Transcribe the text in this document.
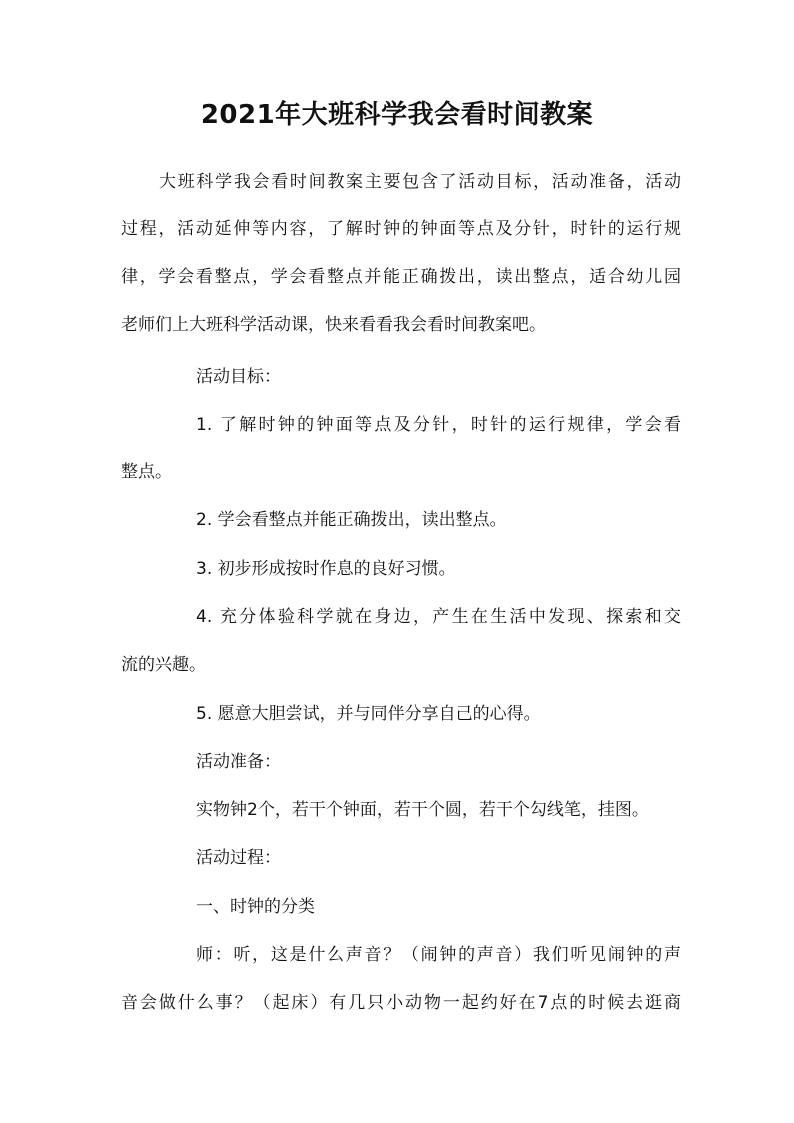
2021年大班科学我会看时间教案
大班科学我会看时间教案主要包含了活动目标，活动准备，活动
过程，活动延伸等内容，了解时钟的钟面等点及分针，时针的运行规
律，学会看整点，学会看整点并能正确拨出，读出整点，适合幼儿园
老师们上大班科学活动课，快来看看我会看时间教案吧。
活动目标：
1. 了解时钟的钟面等点及分针，时针的运行规律，学会看
整点。
2. 学会看整点并能正确拨出，读出整点。
3. 初步形成按时作息的良好习惯。
4. 充分体验科学就在身边，产生在生活中发现、探索和交
流的兴趣。
5. 愿意大胆尝试，并与同伴分享自己的心得。
活动准备：
实物钟2个，若干个钟面，若干个圆，若干个勾线笔，挂图。
活动过程：
一、时钟的分类
师：听，这是什么声音？（闹钟的声音）我们听见闹钟的声
音会做什么事？（起床）有几只小动物一起约好在7点的时候去逛商
